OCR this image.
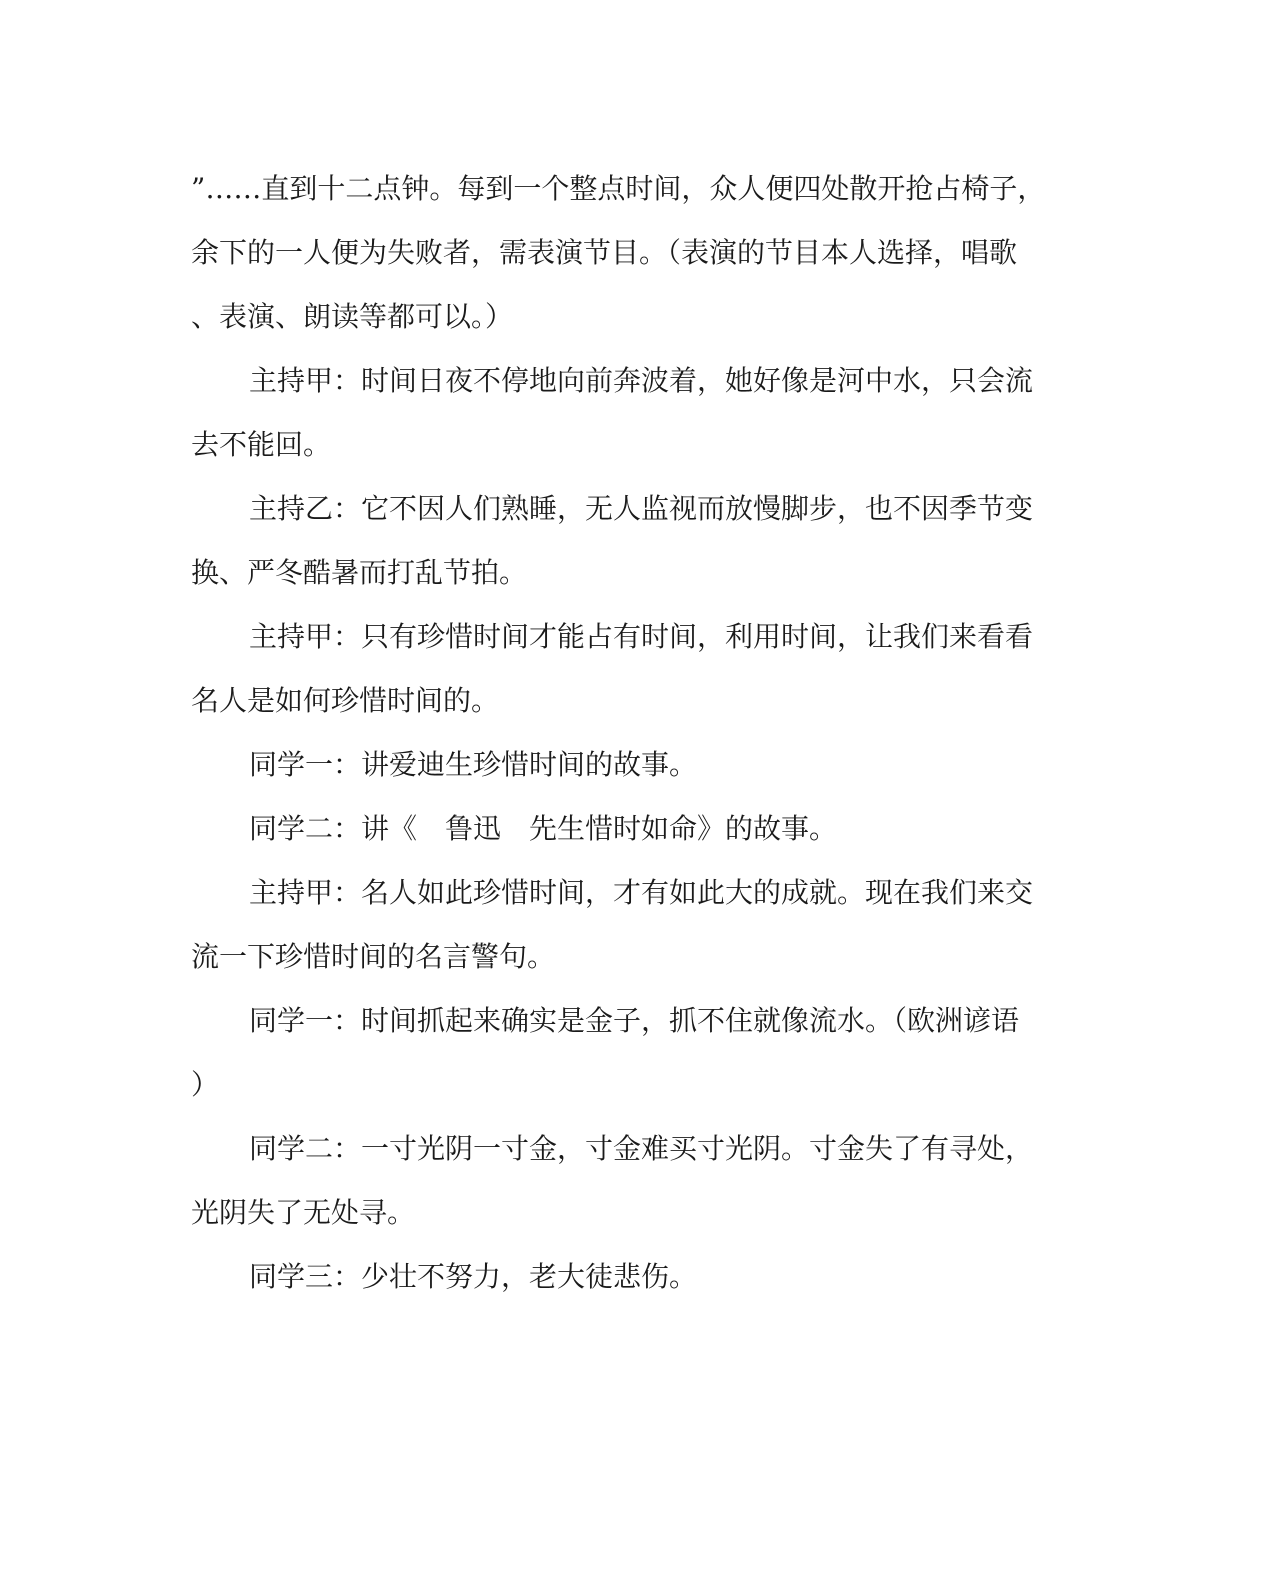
”……直到十二点钟。每到一个整点时间，众人便四处散开抢占椅子，
余下的一人便为失败者，需表演节目。（表演的节目本人选择，唱歌
、表演、朗读等都可以。）
主持甲：时间日夜不停地向前奔波着，她好像是河中水，只会流
去不能回。
主持乙：它不因人们熟睡，无人监视而放慢脚步，也不因季节变
换、严冬酷暑而打乱节拍。
主持甲：只有珍惜时间才能占有时间，利用时间，让我们来看看
名人是如何珍惜时间的。
同学一：讲爱迪生珍惜时间的故事。
同学二：讲《　鲁迅　先生惜时如命》的故事。
主持甲：名人如此珍惜时间，才有如此大的成就。现在我们来交
流一下珍惜时间的名言警句。
同学一：时间抓起来确实是金子，抓不住就像流水。（欧洲谚语
）
同学二：一寸光阴一寸金，寸金难买寸光阴。寸金失了有寻处，
光阴失了无处寻。
同学三：少壮不努力，老大徒悲伤。
